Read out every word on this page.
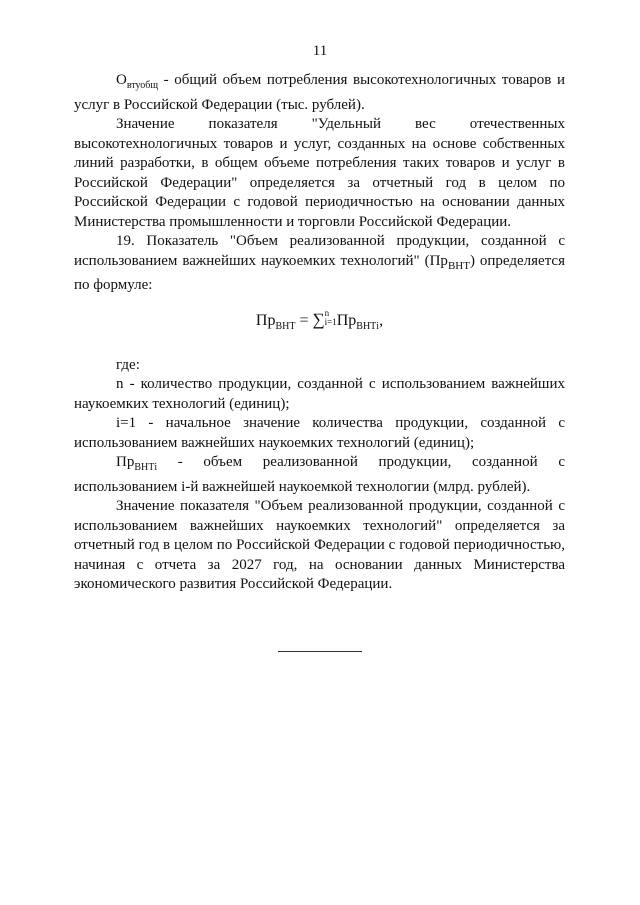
11

$О_{втуобщ}$ - общий объем потребления высокотехнологичных товаров и услуг в Российской Федерации (тыс. рублей).

Значение показателя "Удельный вес отечественных высокотехнологичных товаров и услуг, созданных на основе собственных линий разработки, в общем объеме потребления таких товаров и услуг в Российской Федерации" определяется за отчетный год в целом по Российской Федерации с годовой периодичностью на основании данных Министерства промышленности и торговли Российской Федерации.

19. Показатель "Объем реализованной продукции, созданной с использованием важнейших наукоемких технологий" $(Пр_{ВНТ})$ определяется по формуле:

$Пр_{ВНТ} = \sum n$
$i=1Пр_{ВНТi}$,

где:

n - количество продукции, созданной с использованием важнейших наукоемких технологий (единиц);

i=1 - начальное значение количества продукции, созданной с использованием важнейших наукоемких технологий (единиц);

$Пр_{ВНТi}$ - объем реализованной продукции, созданной с использованием i-й важнейшей наукоемкой технологии (млрд. рублей).

Значение показателя "Объем реализованной продукции, созданной с использованием важнейших наукоемких технологий" определяется за отчетный год в целом по Российской Федерации с годовой периодичностью, начиная с отчета за 2027 год, на основании данных Министерства экономического развития Российской Федерации.
